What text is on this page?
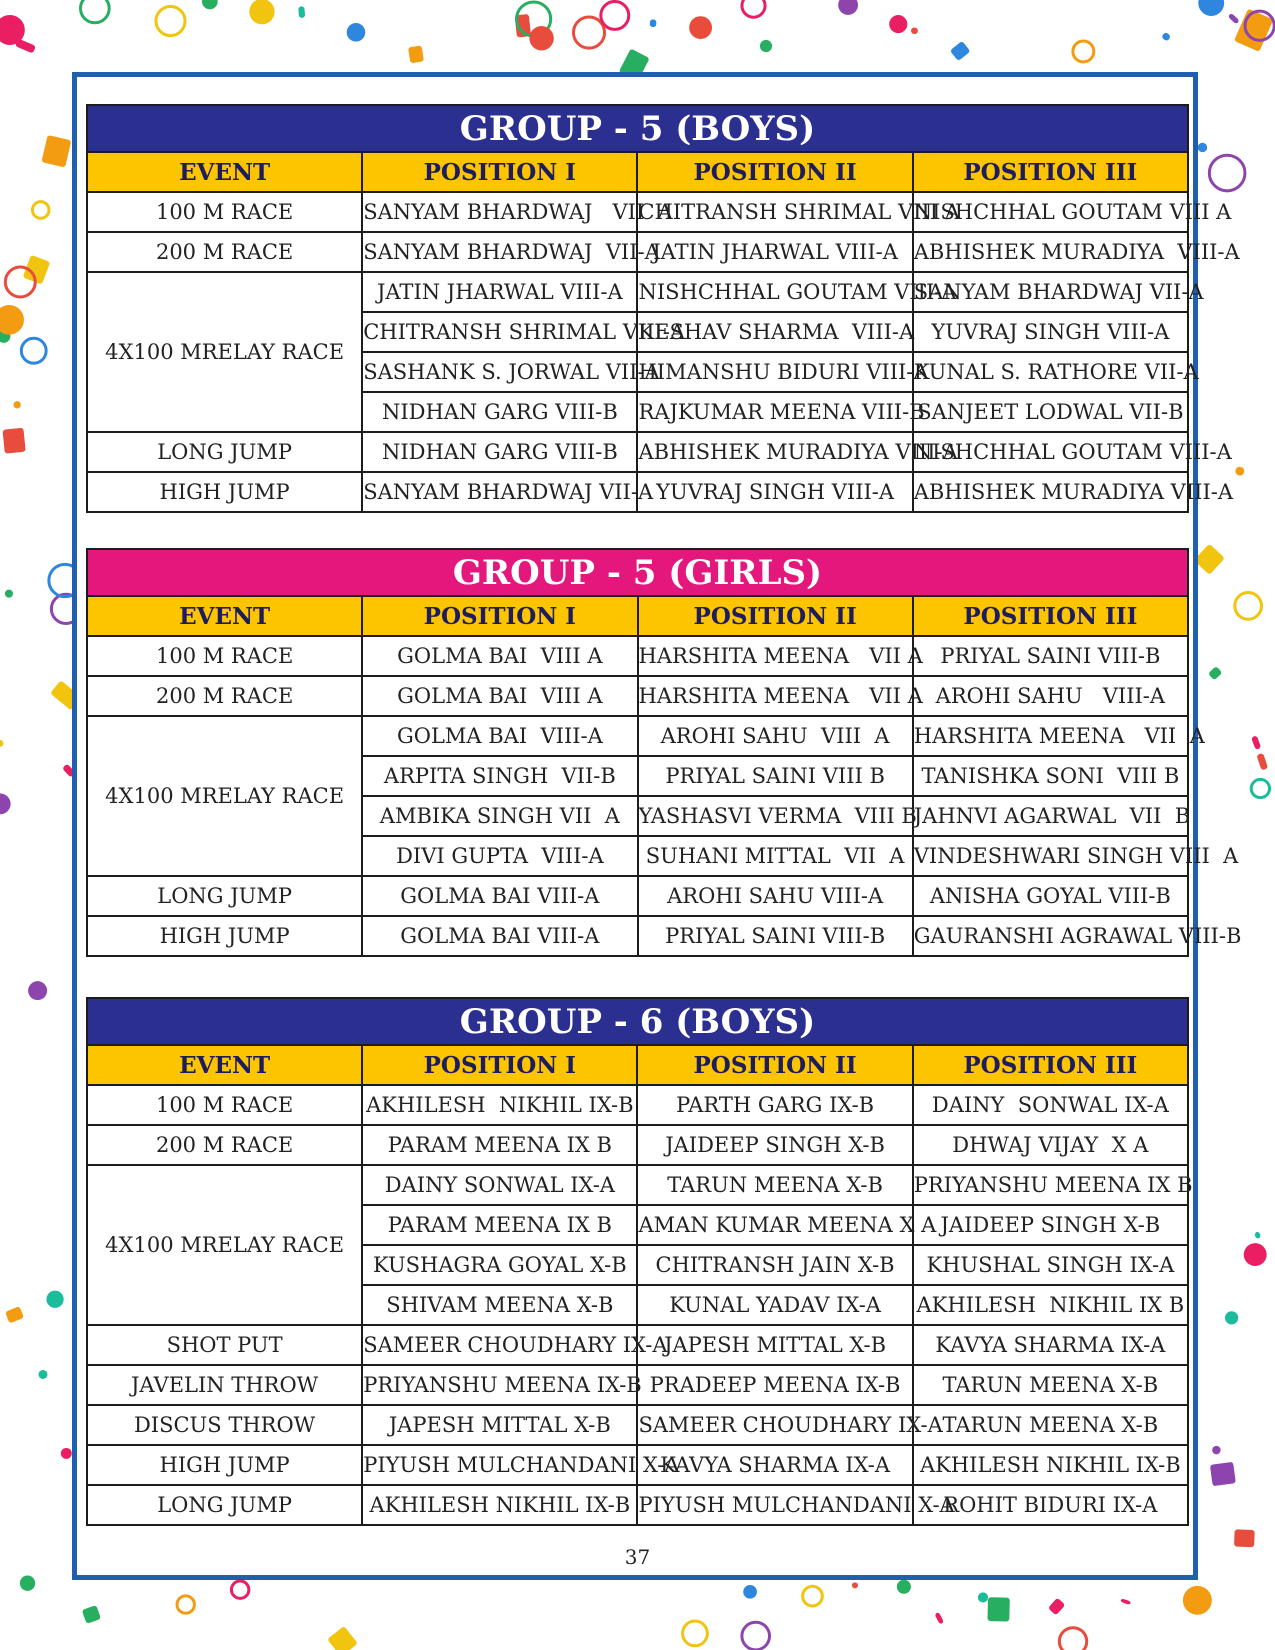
GROUP - 5 (BOYS)			
EVENT	POSITION I	POSITION II	POSITION III
100 M RACE	SANYAM BHARDWAJ   VII  A	CHITRANSH SHRIMAL VIII A	NISHCHHAL GOUTAM VIII A
200 M RACE	SANYAM BHARDWAJ  VII-A	JATIN JHARWAL VIII-A	ABHISHEK MURADIYA  VIII-A
4X100 MRELAY RACE	JATIN JHARWAL VIII-A	NISHCHHAL GOUTAM VIII-A	SANYAM BHARDWAJ VII-A
	CHITRANSH SHRIMAL VIII-A	KESHAV SHARMA  VIII-A	YUVRAJ SINGH VIII-A
	SASHANK S. JORWAL VII-A	HIMANSHU BIDURI VIII-A	KUNAL S. RATHORE VII-A
	NIDHAN GARG VIII-B	RAJKUMAR MEENA VIII-B	SANJEET LODWAL VII-B
LONG JUMP	NIDHAN GARG VIII-B	ABHISHEK MURADIYA VIII-A	NISHCHHAL GOUTAM VIII-A
HIGH JUMP	SANYAM BHARDWAJ VII-A	YUVRAJ SINGH VIII-A	ABHISHEK MURADIYA VIII-A
GROUP - 5 (GIRLS)			
EVENT	POSITION I	POSITION II	POSITION III
100 M RACE	GOLMA BAI  VIII A	HARSHITA MEENA   VII A	PRIYAL SAINI VIII-B
200 M RACE	GOLMA BAI  VIII A	HARSHITA MEENA   VII A	AROHI SAHU   VIII-A
4X100 MRELAY RACE	GOLMA BAI  VIII-A	AROHI SAHU  VIII  A	HARSHITA MEENA   VII  A
	ARPITA SINGH  VII-B	PRIYAL SAINI VIII B	TANISHKA SONI  VIII B
	AMBIKA SINGH VII  A	YASHASVI VERMA  VIII B	JAHNVI AGARWAL  VII  B
	DIVI GUPTA  VIII-A	SUHANI MITTAL  VII  A	VINDESHWARI SINGH VIII  A
LONG JUMP	GOLMA BAI VIII-A	AROHI SAHU VIII-A	ANISHA GOYAL VIII-B
HIGH JUMP	GOLMA BAI VIII-A	PRIYAL SAINI VIII-B	GAURANSHI AGRAWAL VIII-B
GROUP - 6 (BOYS)			
EVENT	POSITION I	POSITION II	POSITION III
100 M RACE	AKHILESH  NIKHIL IX-B	PARTH GARG IX-B	DAINY  SONWAL IX-A
200 M RACE	PARAM MEENA IX B	JAIDEEP SINGH X-B	DHWAJ VIJAY  X A
4X100 MRELAY RACE	DAINY SONWAL IX-A	TARUN MEENA X-B	PRIYANSHU MEENA IX B
	PARAM MEENA IX B	AMAN KUMAR MEENA X A	JAIDEEP SINGH X-B
	KUSHAGRA GOYAL X-B	CHITRANSH JAIN X-B	KHUSHAL SINGH IX-A
	SHIVAM MEENA X-B	KUNAL YADAV IX-A	AKHILESH  NIKHIL IX B
SHOT PUT	SAMEER CHOUDHARY IX-A	JAPESH MITTAL X-B	KAVYA SHARMA IX-A
JAVELIN THROW	PRIYANSHU MEENA IX-B	PRADEEP MEENA IX-B	TARUN MEENA X-B
DISCUS THROW	JAPESH MITTAL X-B	SAMEER CHOUDHARY IX-A	TARUN MEENA X-B
HIGH JUMP	PIYUSH MULCHANDANI X-A	KAVYA SHARMA IX-A	AKHILESH NIKHIL IX-B
LONG JUMP	AKHILESH NIKHIL IX-B	PIYUSH MULCHANDANI X-A	ROHIT BIDURI IX-A
37
